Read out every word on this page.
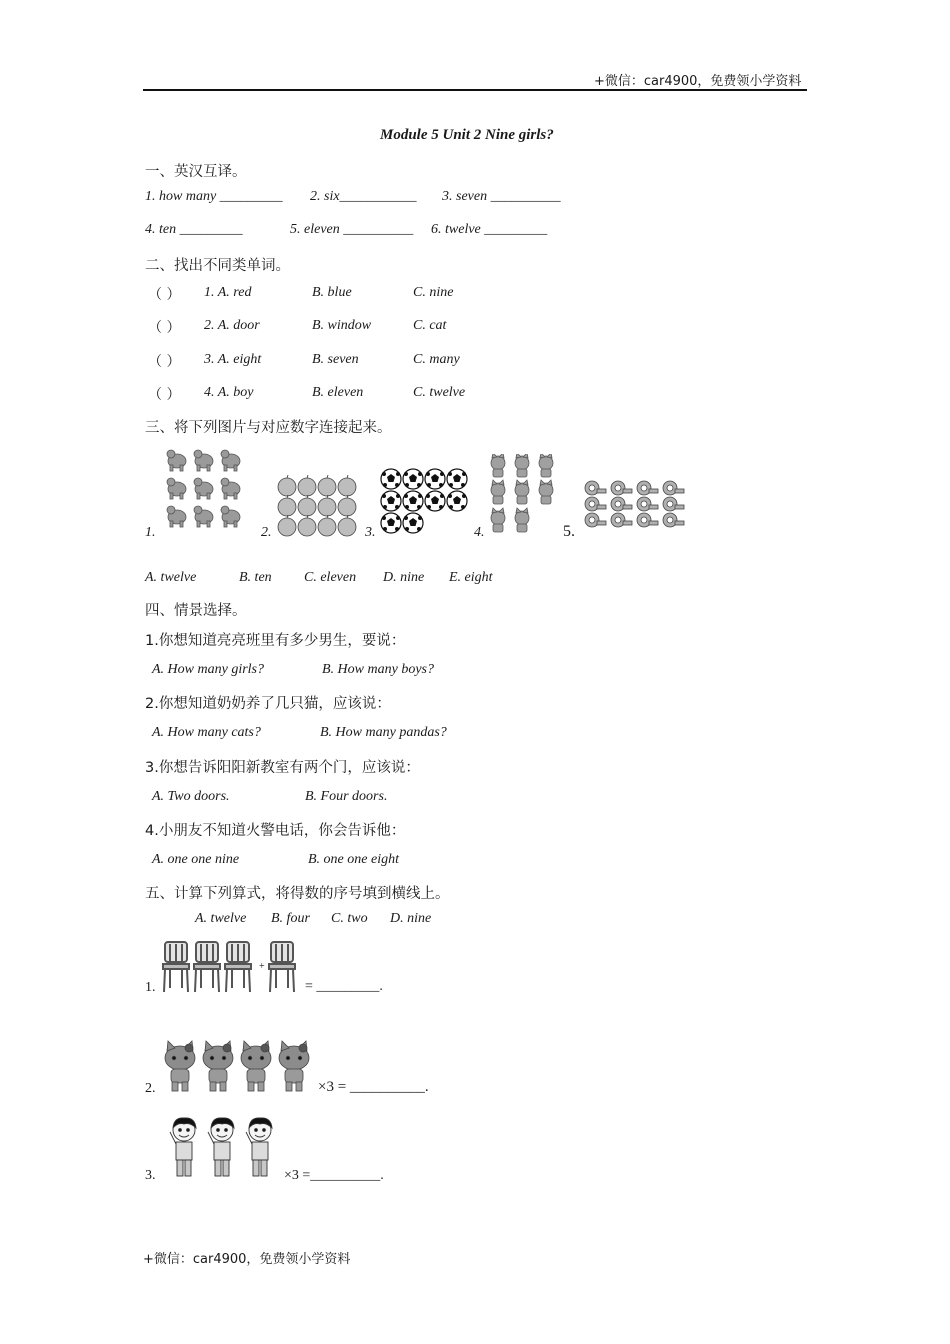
+微信：car4900，免费领小学资料
Module 5 Unit 2 Nine girls?
一、英汉互译。
1. how many _________ 2. six___________ 3. seven __________
4. ten _________	5. eleven __________ 6. twelve _________
二、找出不同类单词。
（ ） 1. A. red	B. blue	C. nine
（ ） 2. A. door	B. window	C. cat
（ ） 3. A. eight	B. seven	C. many
（ ） 4. A. boy	B. eleven	C. twelve
三、将下列图片与对应数字连接起来。
1.	2.	3.	4.	5.
A. twelve	B. ten C. eleven D. nine E. eight
四、情景选择。
1.你想知道亮亮班里有多少男生，要说：
A. How many girls?	B. How many boys?
2.你想知道奶奶养了几只猫，应该说：
A. How many cats?	B. How many pandas?
3.你想告诉阳阳新教室有两个门，应该说：
A. Two doors.	B. Four doors.
4.小朋友不知道火警电话，你会告诉他：
A. one one nine	B. one one eight
五、计算下列算式，将得数的序号填到横线上。
A. twelve B. four C. two D. nine
1.
+
= _________.
2.	×3 = __________.
3.	×3 =__________.
+微信：car4900，免费领小学资料
